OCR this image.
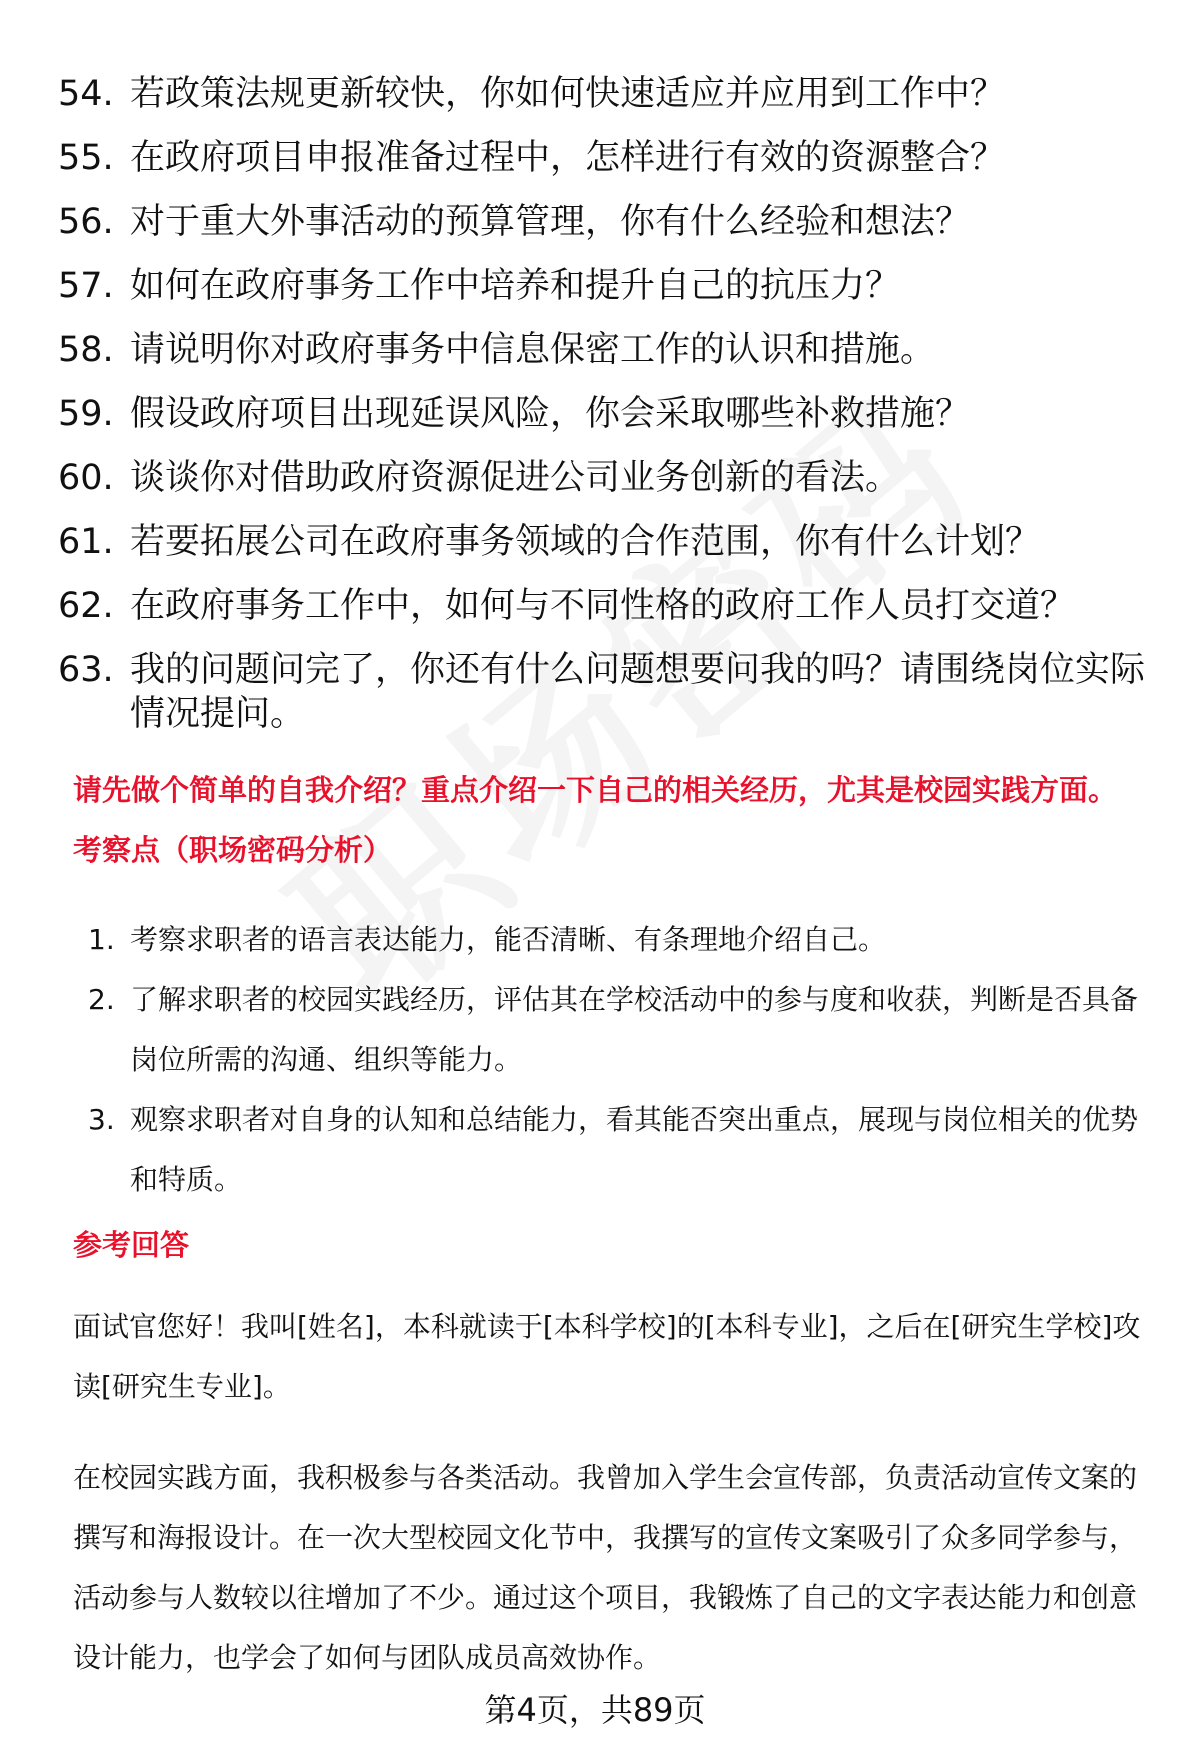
54. 若政策法规更新较快，你如何快速适应并应用到工作中？
55. 在政府项目申报准备过程中，怎样进行有效的资源整合？
56. 对于重大外事活动的预算管理，你有什么经验和想法？
57. 如何在政府事务工作中培养和提升自己的抗压力？
58. 请说明你对政府事务中信息保密工作的认识和措施。
59. 假设政府项目出现延误风险，你会采取哪些补救措施？
60. 谈谈你对借助政府资源促进公司业务创新的看法。
61. 若要拓展公司在政府事务领域的合作范围，你有什么计划？
62. 在政府事务工作中，如何与不同性格的政府工作人员打交道？
63. 我的问题问完了，你还有什么问题想要问我的吗？请围绕岗位实际情况提问。
请先做个简单的自我介绍？重点介绍一下自己的相关经历，尤其是校园实践方面。
考察点（职场密码分析）
1. 考察求职者的语言表达能力，能否清晰、有条理地介绍自己。
2. 了解求职者的校园实践经历，评估其在学校活动中的参与度和收获，判断是否具备岗位所需的沟通、组织等能力。
3. 观察求职者对自身的认知和总结能力，看其能否突出重点，展现与岗位相关的优势和特质。
参考回答
面试官您好！我叫[姓名]，本科就读于[本科学校]的[本科专业]，之后在[研究生学校]攻读[研究生专业]。
在校园实践方面，我积极参与各类活动。我曾加入学生会宣传部，负责活动宣传文案的撰写和海报设计。在一次大型校园文化节中，我撰写的宣传文案吸引了众多同学参与，活动参与人数较以往增加了不少。通过这个项目，我锻炼了自己的文字表达能力和创意设计能力，也学会了如何与团队成员高效协作。
第4页，共89页
